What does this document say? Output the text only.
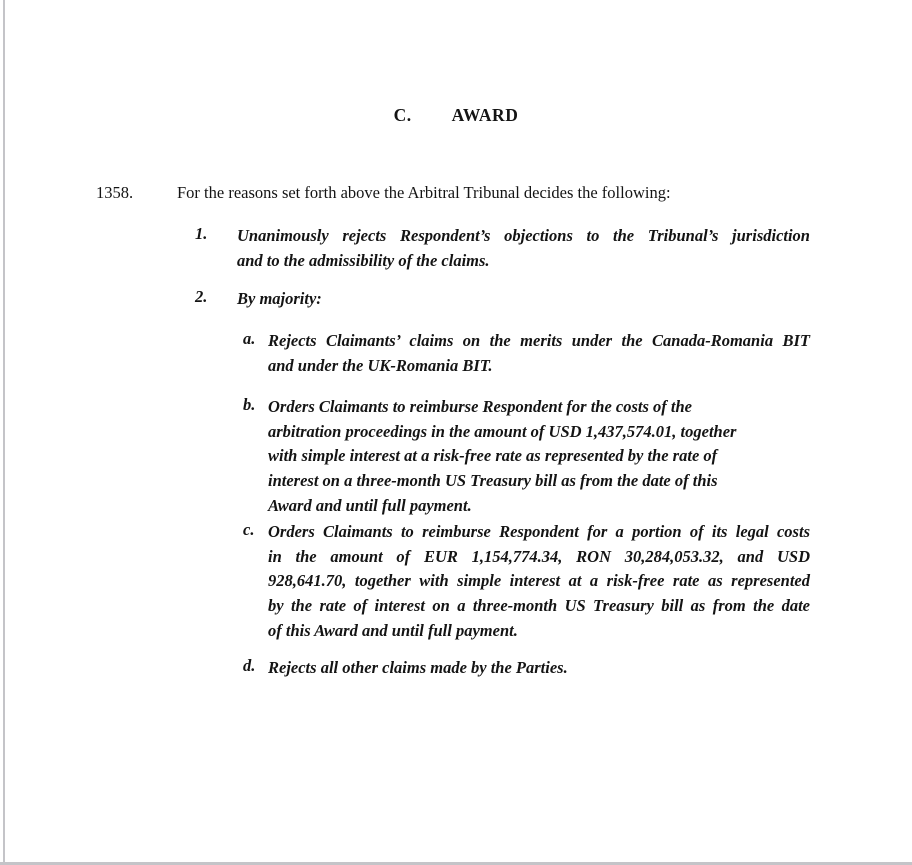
C. AWARD
1358.	For the reasons set forth above the Arbitral Tribunal decides the following:
1. Unanimously rejects Respondent’s objections to the Tribunal’s jurisdiction
and to the admissibility of the claims.
2. By majority:
a. Rejects Claimants’ claims on the merits under the Canada-Romania BIT
and under the UK-Romania BIT.
b. Orders Claimants to reimburse Respondent for the costs of the
arbitration proceedings in the amount of USD 1,437,574.01, together
with simple interest at a risk-free rate as represented by the rate of
interest on a three-month US Treasury bill as from the date of this
Award and until full payment.
c. Orders Claimants to reimburse Respondent for a portion of its legal costs
in the amount of EUR 1,154,774.34, RON 30,284,053.32, and USD
928,641.70, together with simple interest at a risk-free rate as represented
by the rate of interest on a three-month US Treasury bill as from the date
of this Award and until full payment.
d. Rejects all other claims made by the Parties.
